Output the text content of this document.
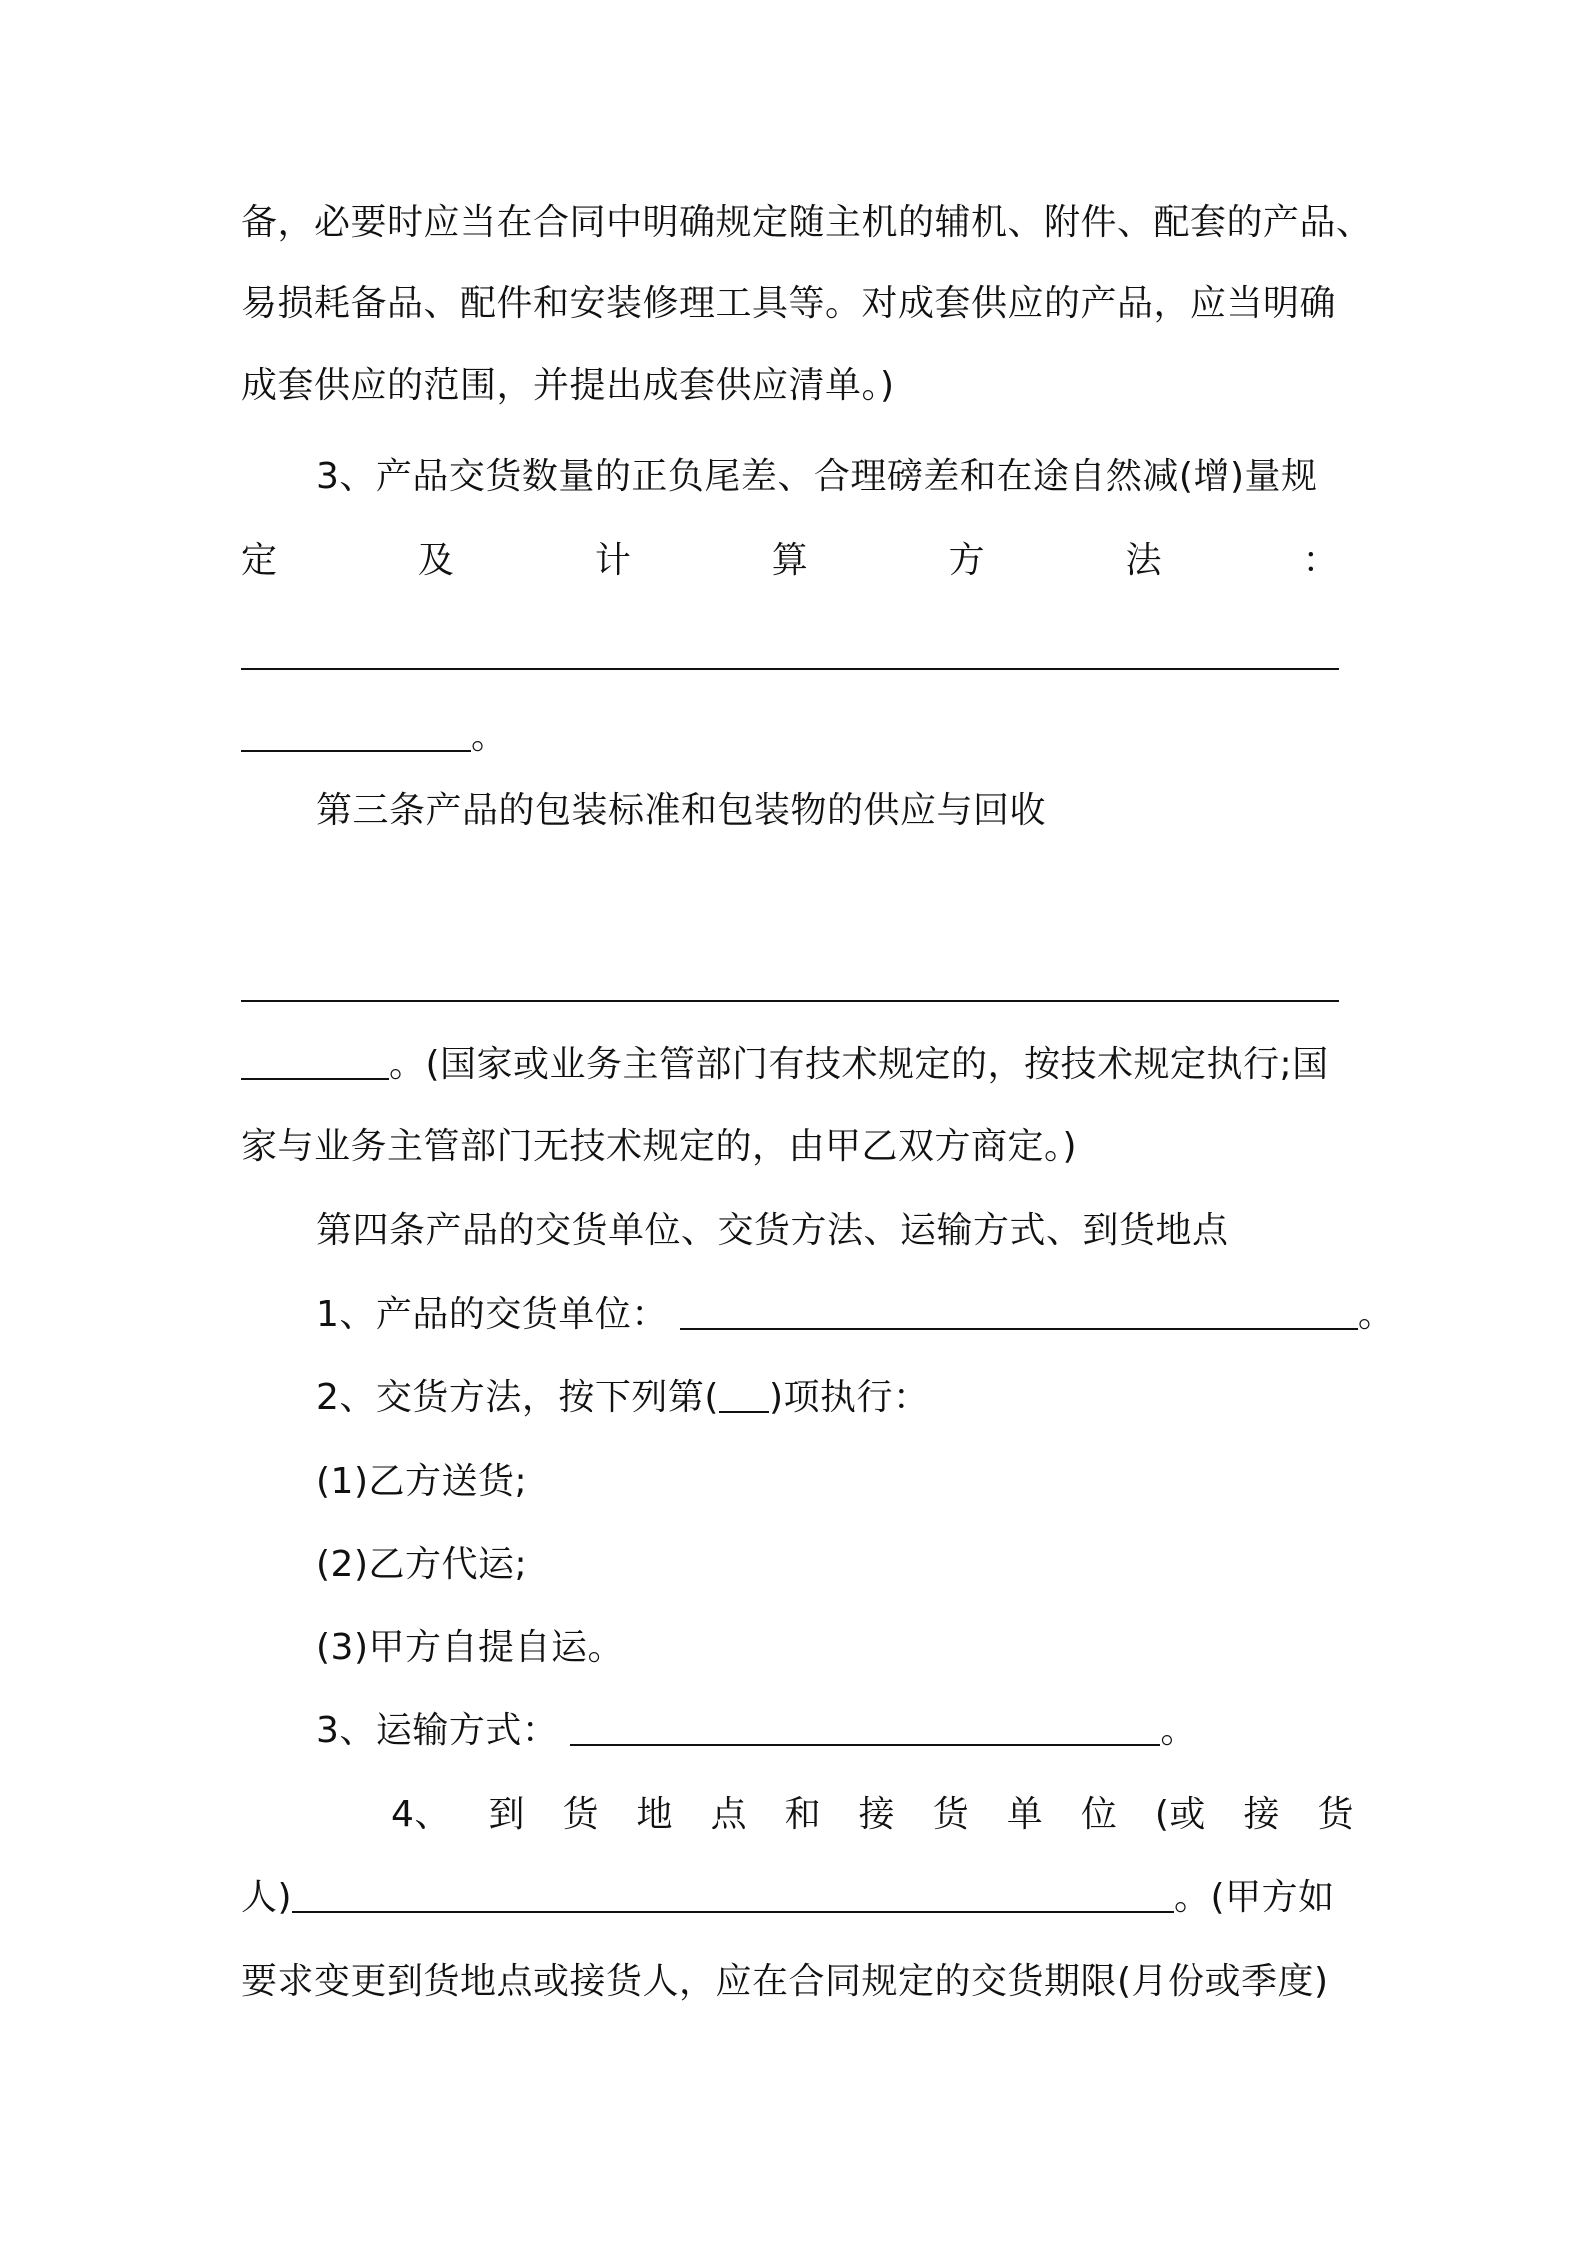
备，必要时应当在合同中明确规定随主机的辅机、附件、配套的产品、
易损耗备品、配件和安装修理工具等。对成套供应的产品，应当明确
成套供应的范围，并提出成套供应清单。)
3、产品交货数量的正负尾差、合理磅差和在途自然减(增)量规
定	及	计	算	方	法	：
。
第三条产品的包装标准和包装物的供应与回收
。(国家或业务主管部门有技术规定的，按技术规定执行;国
家与业务主管部门无技术规定的，由甲乙双方商定。)
第四条产品的交货单位、交货方法、运输方式、到货地点
1、产品的交货单位：	。
2、交货方法，按下列第( )项执行：
(1)乙方送货;
(2)乙方代运;
(3)甲方自提自运。
3、运输方式：	。
4、 到 货 地 点 和 接 货 单 位 (或 接 货
人)	。(甲方如
要求变更到货地点或接货人，应在合同规定的交货期限(月份或季度)
